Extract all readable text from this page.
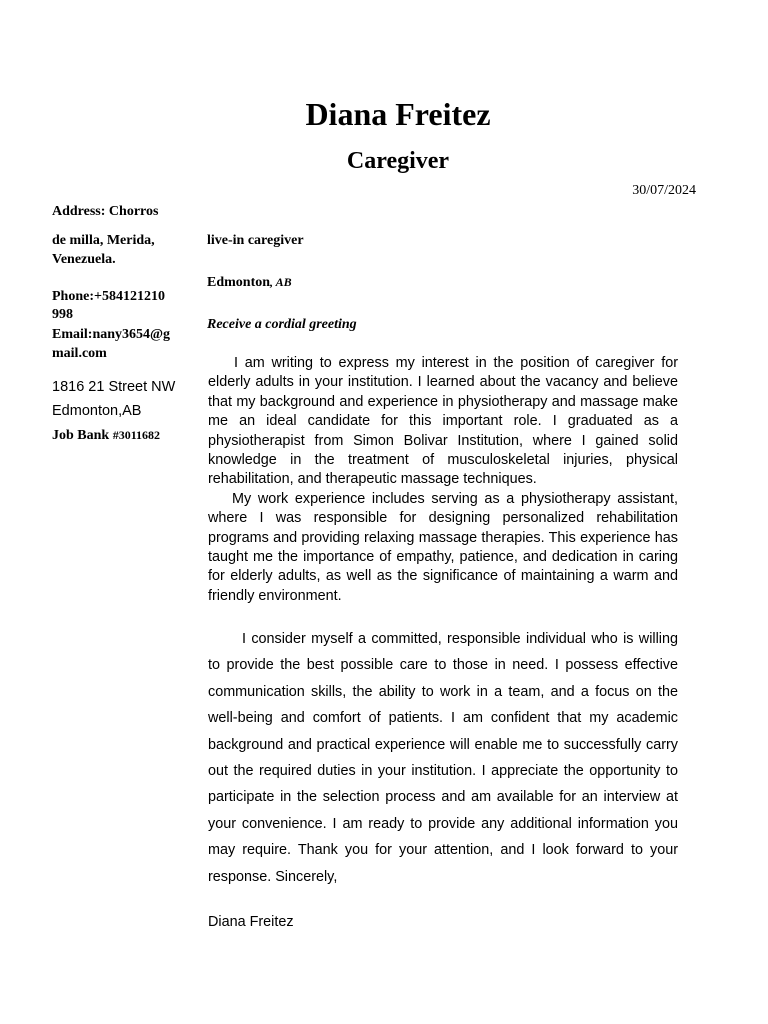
Diana Freitez
Caregiver
30/07/2024
Address: Chorros
de milla, Merida,
Venezuela.
Phone:+584121210
998
Email:nany3654@g
mail.com
1816 21 Street NW
Edmonton,AB
Job Bank #3011682
live-in caregiver
Edmonton, AB
Receive a cordial greeting

I am writing to express my interest in the position of caregiver for elderly adults in your institution. I learned about the vacancy and believe that my background and experience in physiotherapy and massage make me an ideal candidate for this important role. I graduated as a physiotherapist from Simon Bolivar Institution, where I gained solid knowledge in the treatment of musculoskeletal injuries, physical rehabilitation, and therapeutic massage techniques.

My work experience includes serving as a physiotherapy assistant, where I was responsible for designing personalized rehabilitation programs and providing relaxing massage therapies. This experience has taught me the importance of empathy, patience, and dedication in caring for elderly adults, as well as the significance of maintaining a warm and friendly environment.

I consider myself a committed, responsible individual who is willing to provide the best possible care to those in need. I possess effective communication skills, the ability to work in a team, and a focus on the well-being and comfort of patients. I am confident that my academic background and practical experience will enable me to successfully carry out the required duties in your institution. I appreciate the opportunity to participate in the selection process and am available for an interview at your convenience. I am ready to provide any additional information you may require. Thank you for your attention, and I look forward to your response. Sincerely,
Diana Freitez
